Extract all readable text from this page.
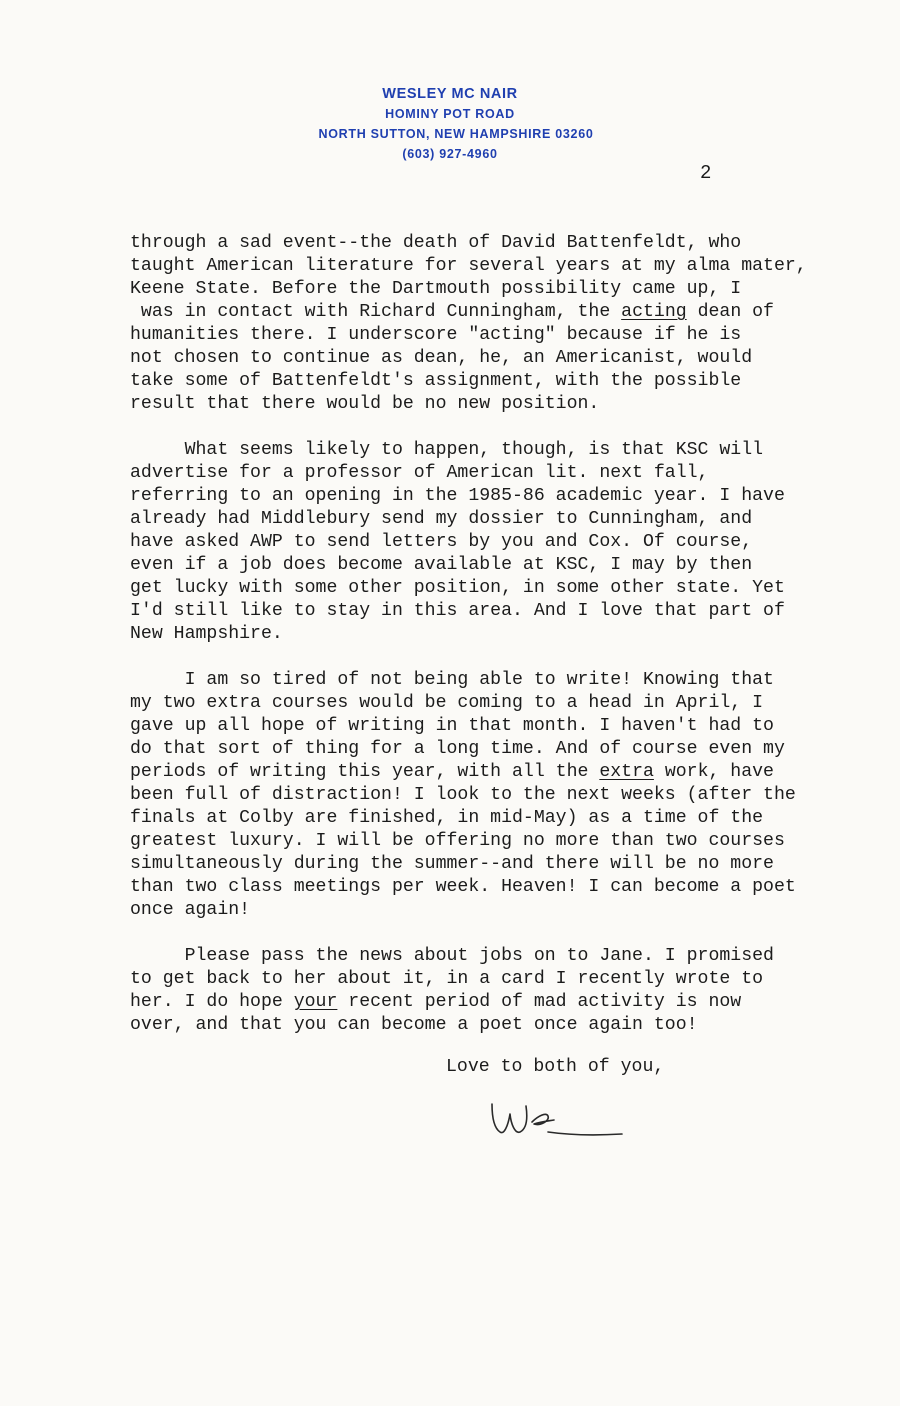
WESLEY MC NAIR
HOMINY POT ROAD
NORTH SUTTON, NEW HAMPSHIRE 03260
(603) 927-4960
2
through a sad event--the death of David Battenfeldt, who
taught American literature for several years at my alma mater,
Keene State. Before the Dartmouth possibility came up, I
was in contact with Richard Cunningham, the acting dean of
humanities there. I underscore "acting" because if he is
not chosen to continue as dean, he, an Americanist, would
take some of Battenfeldt's assignment, with the possible
result that there would be no new position.
What seems likely to happen, though, is that KSC will
advertise for a professor of American lit. next fall,
referring to an opening in the 1985-86 academic year. I have
already had Middlebury send my dossier to Cunningham, and
have asked AWP to send letters by you and Cox. Of course,
even if a job does become available at KSC, I may by then
get lucky with some other position, in some other state. Yet
I'd still like to stay in this area. And I love that part of
New Hampshire.
I am so tired of not being able to write! Knowing that
my two extra courses would be coming to a head in April, I
gave up all hope of writing in that month. I haven't had to
do that sort of thing for a long time. And of course even my
periods of writing this year, with all the extra work, have
been full of distraction! I look to the next weeks (after the
finals at Colby are finished, in mid-May) as a time of the
greatest luxury. I will be offering no more than two courses
simultaneously during the summer--and there will be no more
than two class meetings per week. Heaven! I can become a poet
once again!
Please pass the news about jobs on to Jane. I promised
to get back to her about it, in a card I recently wrote to
her. I do hope your recent period of mad activity is now
over, and that you can become a poet once again too!
Love to both of you,
